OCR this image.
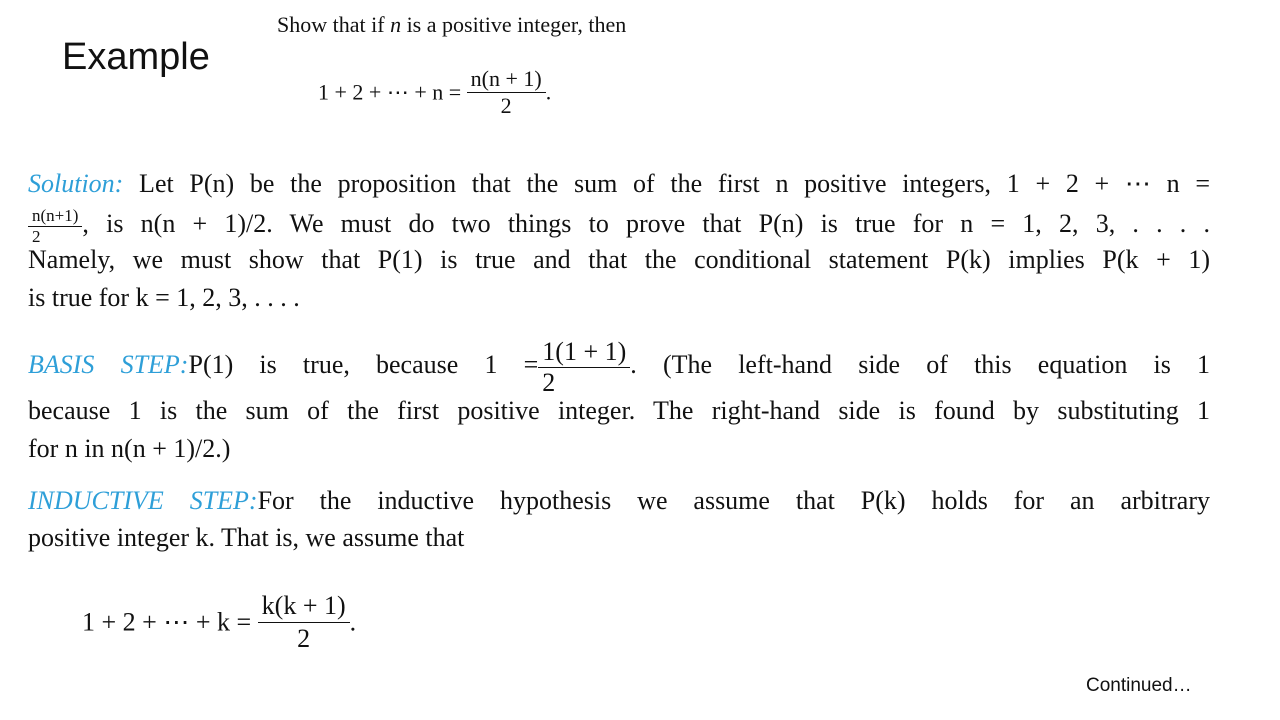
Example
Show that if n is a positive integer, then
1 + 2 + ⋯ + $n = \frac{n(n + 1)}{2}$ .
Solution: Let P(n) be the proposition that the sum of the first n positive integers, 1 + 2 + ⋯ n =
$\frac{n(n+1)}{2}$ , is n(n + 1)/2. We must do two things to prove that P(n) is true for n = 1, 2, 3, . . . .
Namely, we must show that P(1) is true and that the conditional statement P(k) implies P(k + 1)
is true for k = 1, 2, 3, . . . .
BASIS STEP:P(1) is true, because $1 = \frac{1(1 + 1)}{2}$ . (The left-hand side of this equation is 1
because 1 is the sum of the first positive integer. The right-hand side is found by substituting 1
for n in n(n + 1)/2.)
INDUCTIVE STEP:For the inductive hypothesis we assume that P(k) holds for an arbitrary
positive integer k. That is, we assume that
1 + 2 + ⋯ + $k = \frac{k(k + 1)}{2}$ .
Continued…
